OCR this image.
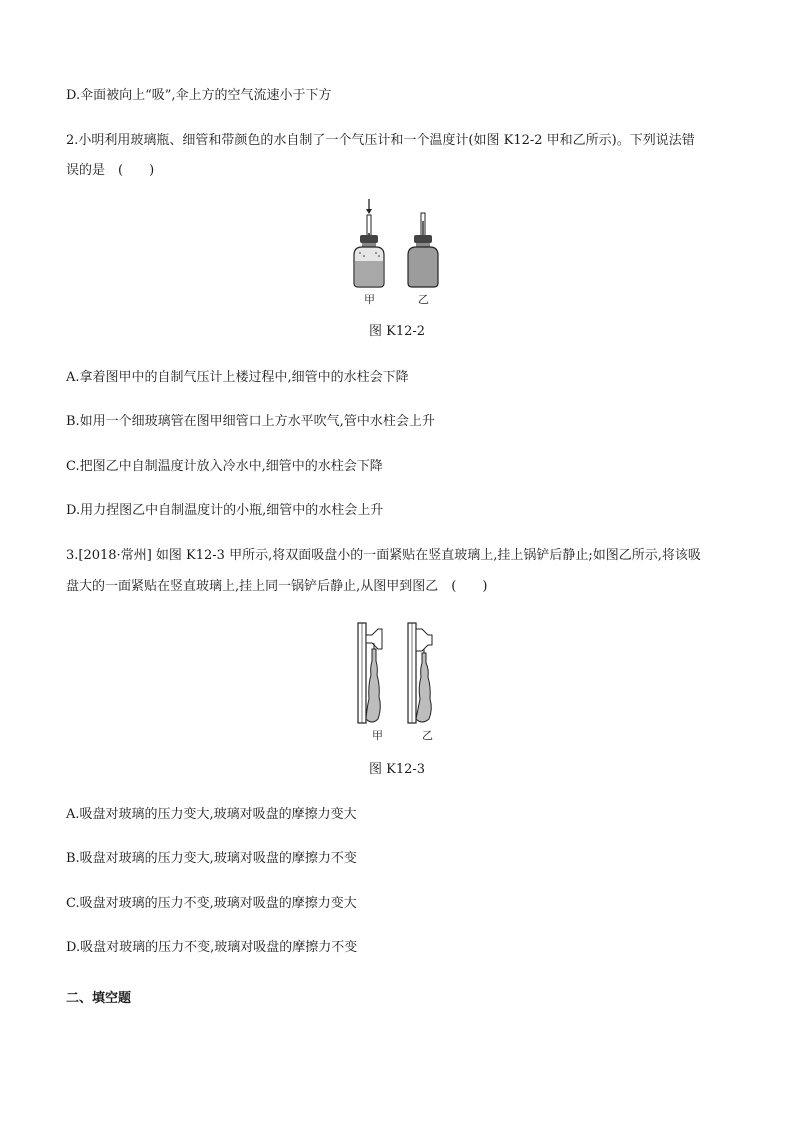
D.伞面被向上“吸”,伞上方的空气流速小于下方
2.小明利用玻璃瓶、细管和带颜色的水自制了一个气压计和一个温度计(如图 K12-2 甲和乙所示)。下列说法错
误的是　(　　)
甲	乙
图 K12-2
A.拿着图甲中的自制气压计上楼过程中,细管中的水柱会下降
B.如用一个细玻璃管在图甲细管口上方水平吹气,管中水柱会上升
C.把图乙中自制温度计放入冷水中,细管中的水柱会下降
D.用力捏图乙中自制温度计的小瓶,细管中的水柱会上升
3.[2018·常州] 如图 K12-3 甲所示,将双面吸盘小的一面紧贴在竖直玻璃上,挂上锅铲后静止;如图乙所示,将该吸
盘大的一面紧贴在竖直玻璃上,挂上同一锅铲后静止,从图甲到图乙　(　　)
甲	乙
图 K12-3
A.吸盘对玻璃的压力变大,玻璃对吸盘的摩擦力变大
B.吸盘对玻璃的压力变大,玻璃对吸盘的摩擦力不变
C.吸盘对玻璃的压力不变,玻璃对吸盘的摩擦力变大
D.吸盘对玻璃的压力不变,玻璃对吸盘的摩擦力不变
二、填空题
